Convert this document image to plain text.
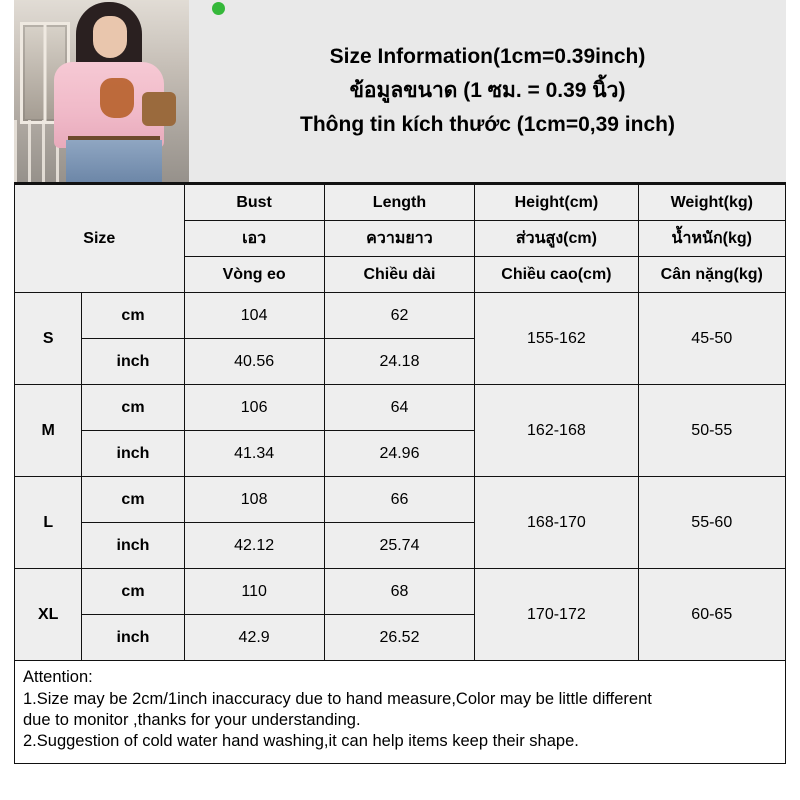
Size Information(1cm=0.39inch)
ข้อมูลขนาด (1 ซม. = 0.39 นิ้ว)
Thông tin kích thước (1cm=0,39 inch)
Size		Bust	Length	Height(cm)	Weight(kg)
		เอว	ความยาว	ส่วนสูง(cm)	น้ำหนัก(kg)
		Vòng eo	Chiều dài	Chiều cao(cm)	Cân nặng(kg)
S	cm	104	62	155-162	45-50
	inch	40.56	24.18		
M	cm	106	64	162-168	50-55
	inch	41.34	24.96		
L	cm	108	66	168-170	55-60
	inch	42.12	25.74		
XL	cm	110	68	170-172	60-65
	inch	42.9	26.52		

Attention:

1.Size may be 2cm/1inch inaccuracy due to hand measure,Color may be little different

due to monitor ,thanks for your understanding.

2.Suggestion of cold water hand washing,it can help items keep their shape.
